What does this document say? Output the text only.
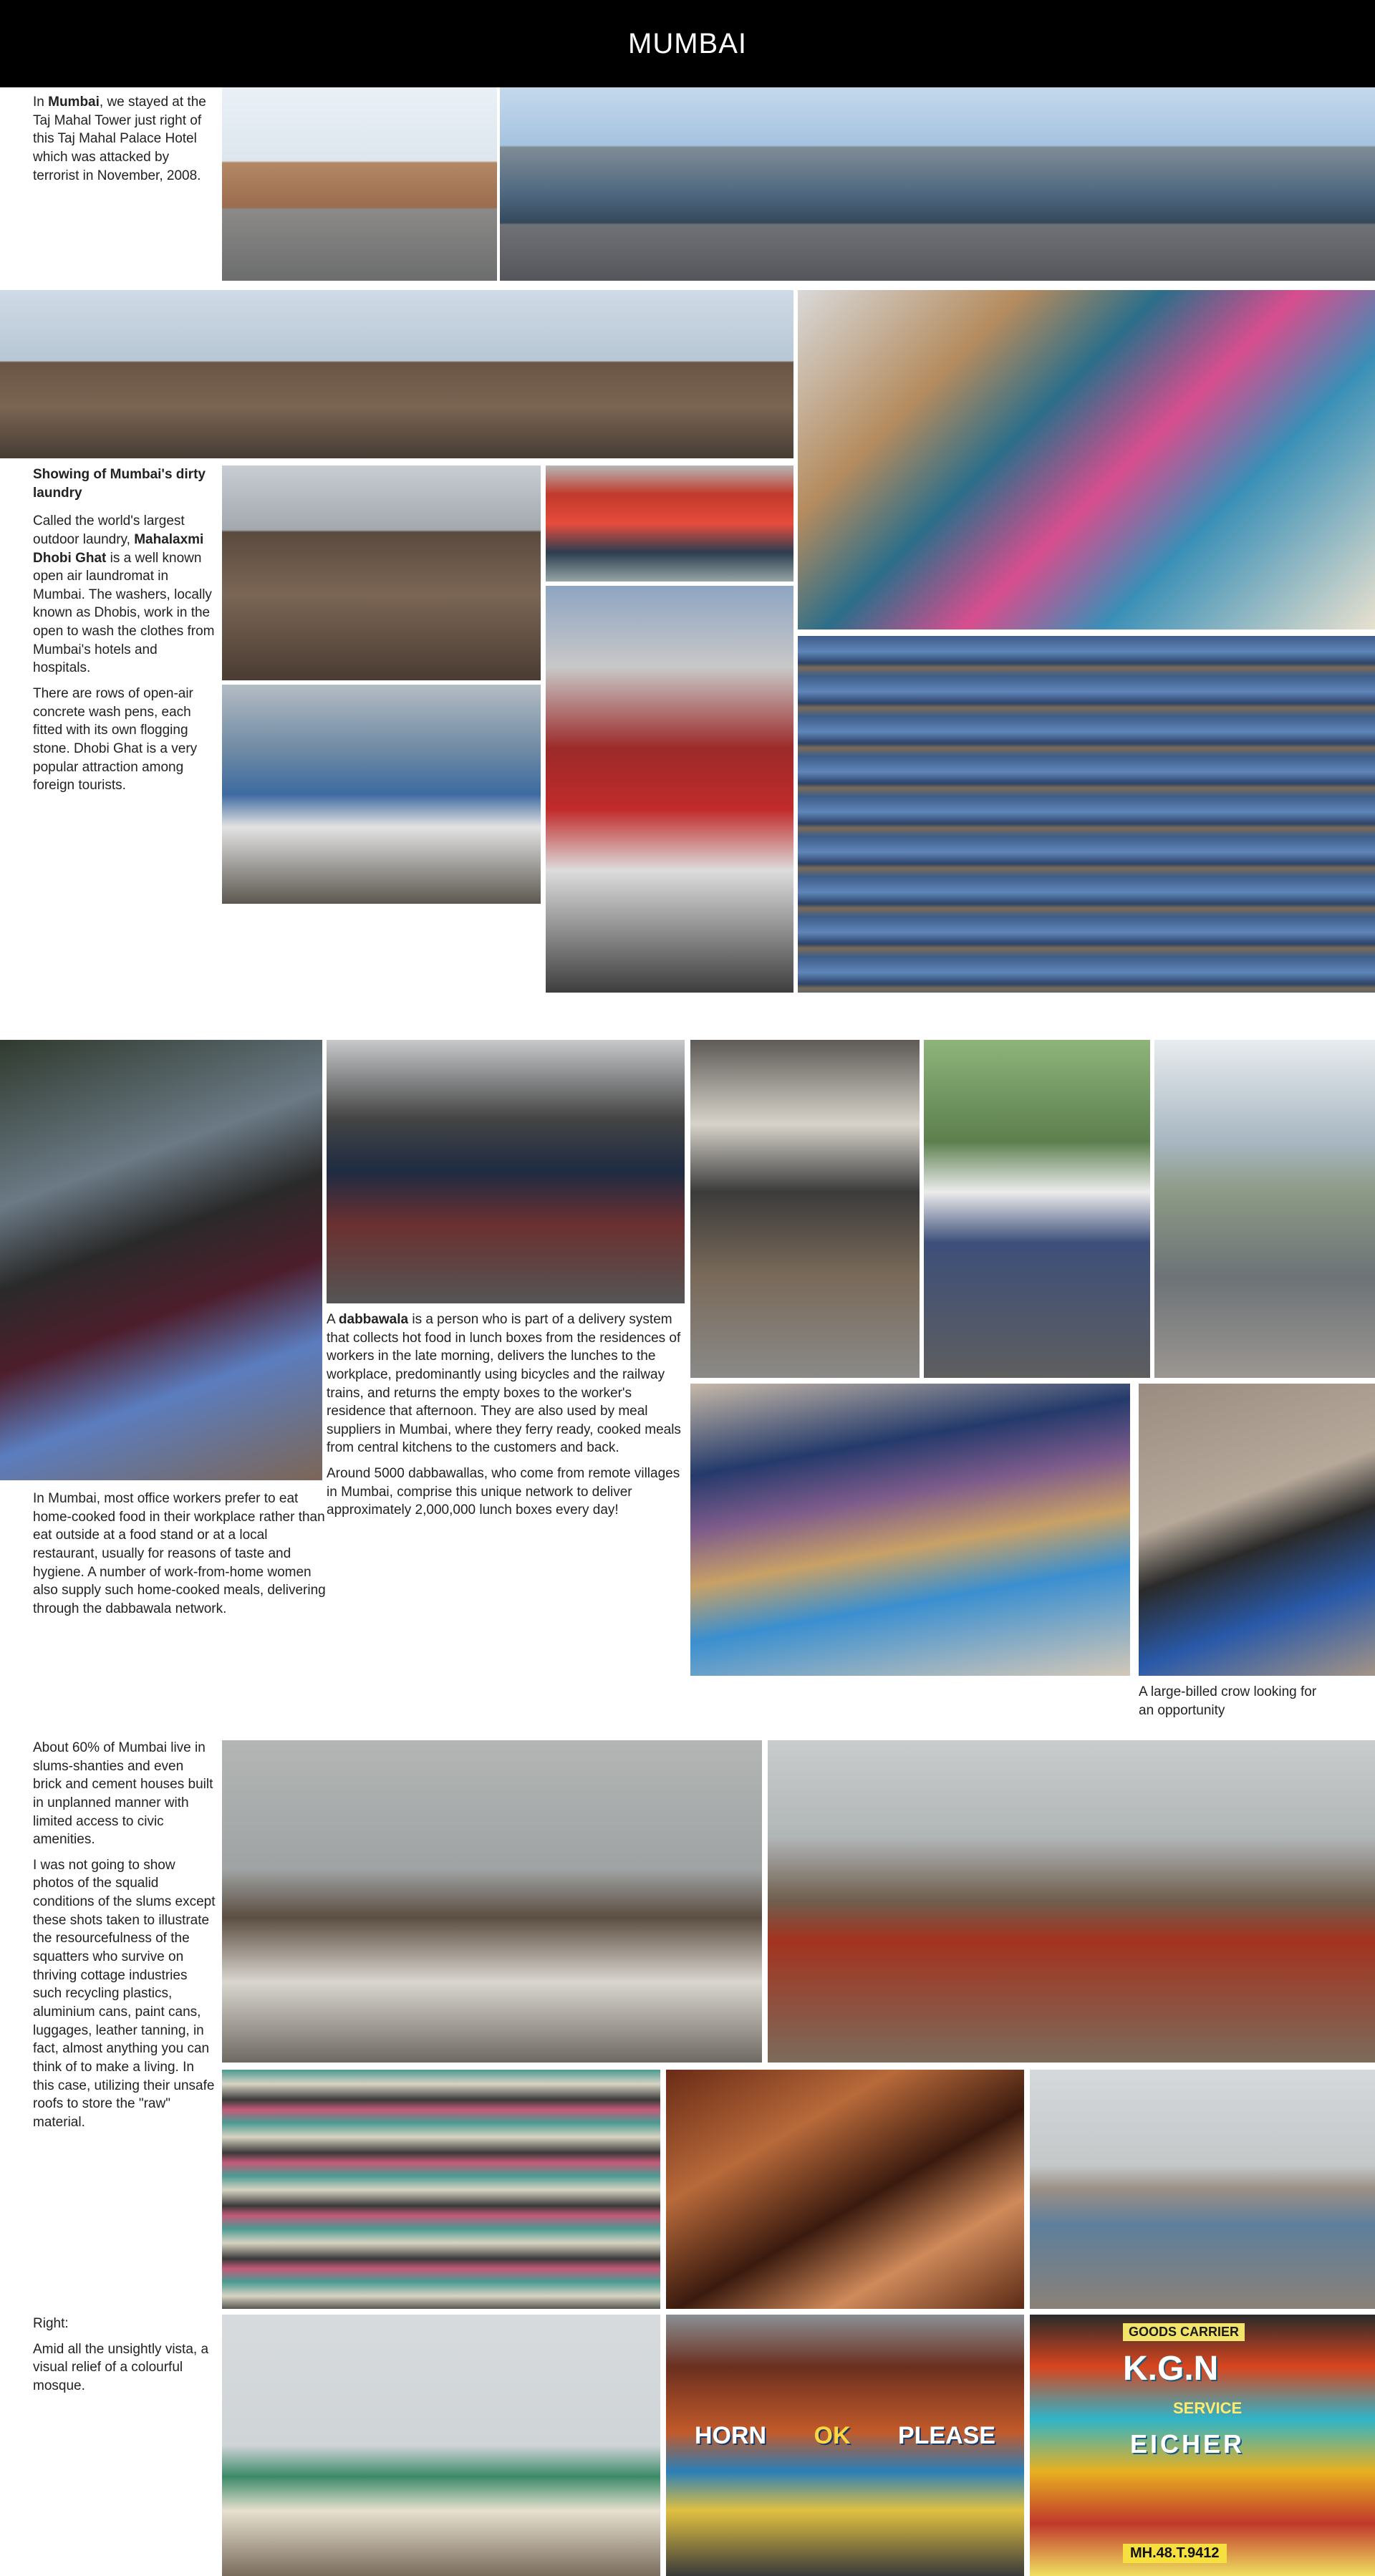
MUMBAI

In Mumbai, we stayed at the Taj Mahal Tower just right of this Taj Mahal Palace Hotel which was attacked by terrorist in November, 2008.

Showing of Mumbai's dirty laundry

Called the world's largest outdoor laundry, Mahalaxmi Dhobi Ghat is a well known open air laundromat in Mumbai. The washers, locally known as Dhobis, work in the open to wash the clothes from Mumbai's hotels and hospitals.

There are rows of open-air concrete wash pens, each fitted with its own flogging stone. Dhobi Ghat is a very popular attraction among foreign tourists.

A dabbawala is a person who is part of a delivery system that collects hot food in lunch boxes from the residences of workers in the late morning, delivers the lunches to the workplace, predominantly using bicycles and the railway trains, and returns the empty boxes to the worker's residence that afternoon. They are also used by meal suppliers in Mumbai, where they ferry ready, cooked meals from central kitchens to the customers and back.

Around 5000 dabbawallas, who come from remote villages in Mumbai, comprise this unique network to deliver approximately 2,000,000 lunch boxes every day!

In Mumbai, most office workers prefer to eat home-cooked food in their workplace rather than eat outside at a food stand or at a local restaurant, usually for reasons of taste and hygiene. A number of work-from-home women also supply such home-cooked meals, delivering through the dabbawala network.

A large-billed crow looking for an opportunity

About 60% of Mumbai live in slums-shanties and even brick and cement houses built in unplanned manner with limited access to civic amenities.

I was not going to show photos of the squalid conditions of the slums except these shots taken to illustrate the resourcefulness of the squatters who survive on thriving cottage industries such recycling plastics, aluminium cans, paint cans, luggages, leather tanning, in fact, almost anything you can think of to make a living. In this case, utilizing their unsafe roofs to store the "raw" material.

Right:

Amid all the unsightly vista, a visual relief of a colourful mosque.

HORN OK PLEASE
GOODS CARRIER
K.G.N
SERVICE
EICHER
MH.48.T.9412
